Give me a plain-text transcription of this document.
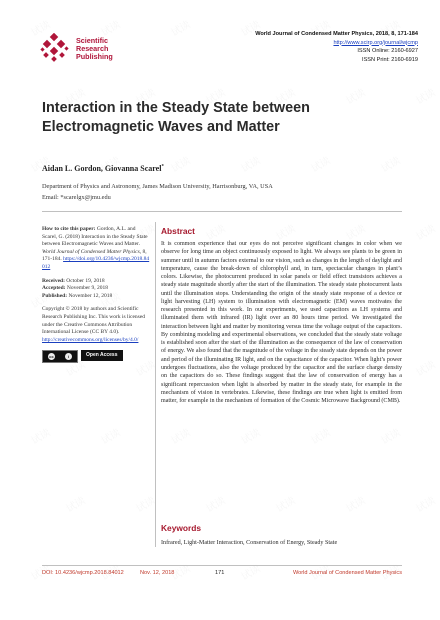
Scientific
Research
Publishing
World Journal of Condensed Matter Physics, 2018, 8, 171-184
http://www.scirp.org/journal/wjcmp
ISSN Online: 2160-6927
ISSN Print: 2160-6919
Interaction in the Steady State between Electromagnetic Waves and Matter
Aidan L. Gordon, Giovanna Scarel*
Department of Physics and Astronomy, James Madison University, Harrisonburg, VA, USA
Email: *scarelgx@jmu.edu

How to cite this paper: Gordon, A.L. and Scarel, G. (2018) Interaction in the Steady State between Electromagnetic Waves and Matter. World Journal of Condensed Matter Physics, 8, 171-184. https://doi.org/10.4236/wjcmp.2018.84012

Received: October 19, 2018
Accepted: November 9, 2018
Published: November 12, 2018

Copyright © 2018 by authors and Scientific Research Publishing Inc. This work is licensed under the Creative Commons Attribution International License (CC BY 4.0).
http://creativecommons.org/licenses/by/4.0/

cc	i	Open Access
Abstract
It is common experience that our eyes do not perceive significant changes in color when we observe for long time an object continuously exposed to light. We always see plants to be green in summer until in autumn factors external to our vision, such as changes in the length of daylight and temperature, cause the break-down of chlorophyll and, in turn, spectacular changes in plant’s colors. Likewise, the photocurrent produced in solar panels or field effect transistors achieves a steady state magnitude shortly after the start of the illumination. The steady state photocurrent lasts until the illumination stops. Understanding the origin of the steady state response of a device or light harvesting (LH) system to illumination with electromagnetic (EM) waves motivates the research presented in this work. In our experiments, we used capacitors as LH systems and illuminated them with infrared (IR) light over an 80 hours time period. We investigated the interaction between light and matter by monitoring versus time the voltage output of the capacitors. By combining modeling and experimental observations, we concluded that the steady state voltage is established soon after the start of the illumination as the consequence of the law of conservation of energy. We also found that the magnitude of the voltage in the steady state depends on the power and period of the illuminating IR light, and on the capacitance of the capacitor. When light’s power undergoes fluctuations, also the voltage produced by the capacitor and the surface charge density on the capacitors do so. These findings suggest that the law of conservation of energy has a significant repercussion when light is absorbed by matter in the steady state, for example in the mechanism of vision in vertebrates. Likewise, these findings are true when light is emitted from matter, for example in the mechanism of formation of the Cosmic Microwave Background (CMB).
Keywords
Infrared, Light-Matter Interaction, Conservation of Energy, Steady State
DOI: 10.4236/wjcmp.2018.84012	Nov. 12, 2018	171	World Journal of Condensed Matter Physics
